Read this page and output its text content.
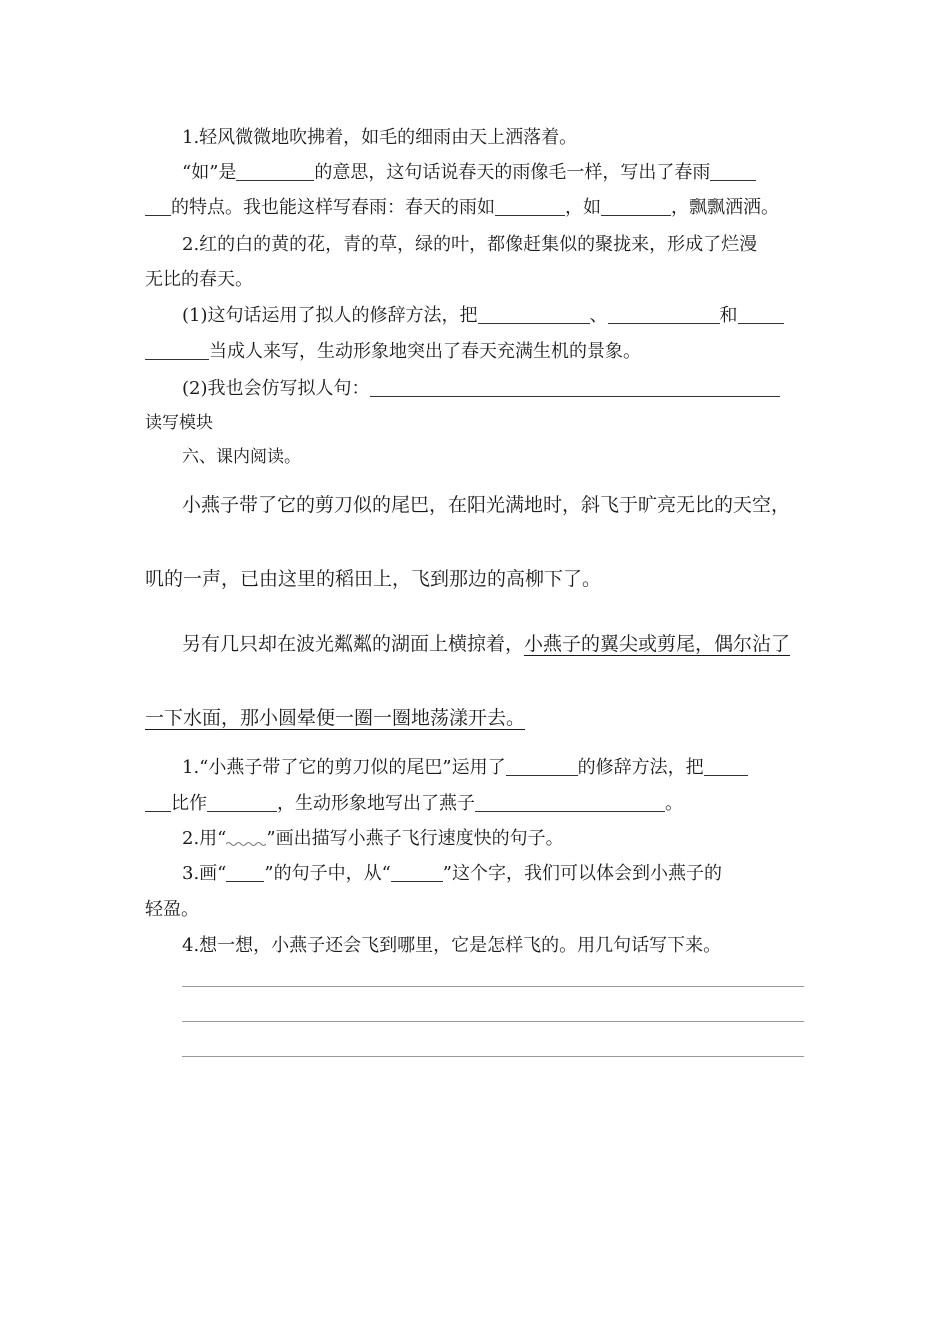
1.轻风微微地吹拂着，如毛的细雨由天上洒落着。
“如”是	的意思，这句话说春天的雨像毛一样，写出了春雨
的特点。我也能这样写春雨：春天的雨如	，如	，飘飘洒洒。
2.红的白的黄的花，青的草，绿的叶，都像赶集似的聚拢来，形成了烂漫
无比的春天。
(1)这句话运用了拟人的修辞方法，把	、	和
当成人来写，生动形象地突出了春天充满生机的景象。
(2)我也会仿写拟人句：
读写模块
六、课内阅读。
小燕子带了它的剪刀似的尾巴，在阳光满地时，斜飞于旷亮无比的天空，
叽的一声，已由这里的稻田上，飞到那边的高柳下了。
另有几只却在波光粼粼的湖面上横掠着，小燕子的翼尖或剪尾，偶尔沾了
一下水面，那小圆晕便一圈一圈地荡漾开去。
1.“小燕子带了它的剪刀似的尾巴”运用了	的修辞方法，把
比作	，生动形象地写出了燕子	。
2.用“ ”画出描写小燕子飞行速度快的句子。
3.画“ ”的句子中，从“	”这个字，我们可以体会到小燕子的
轻盈。
4.想一想，小燕子还会飞到哪里，它是怎样飞的。用几句话写下来。
